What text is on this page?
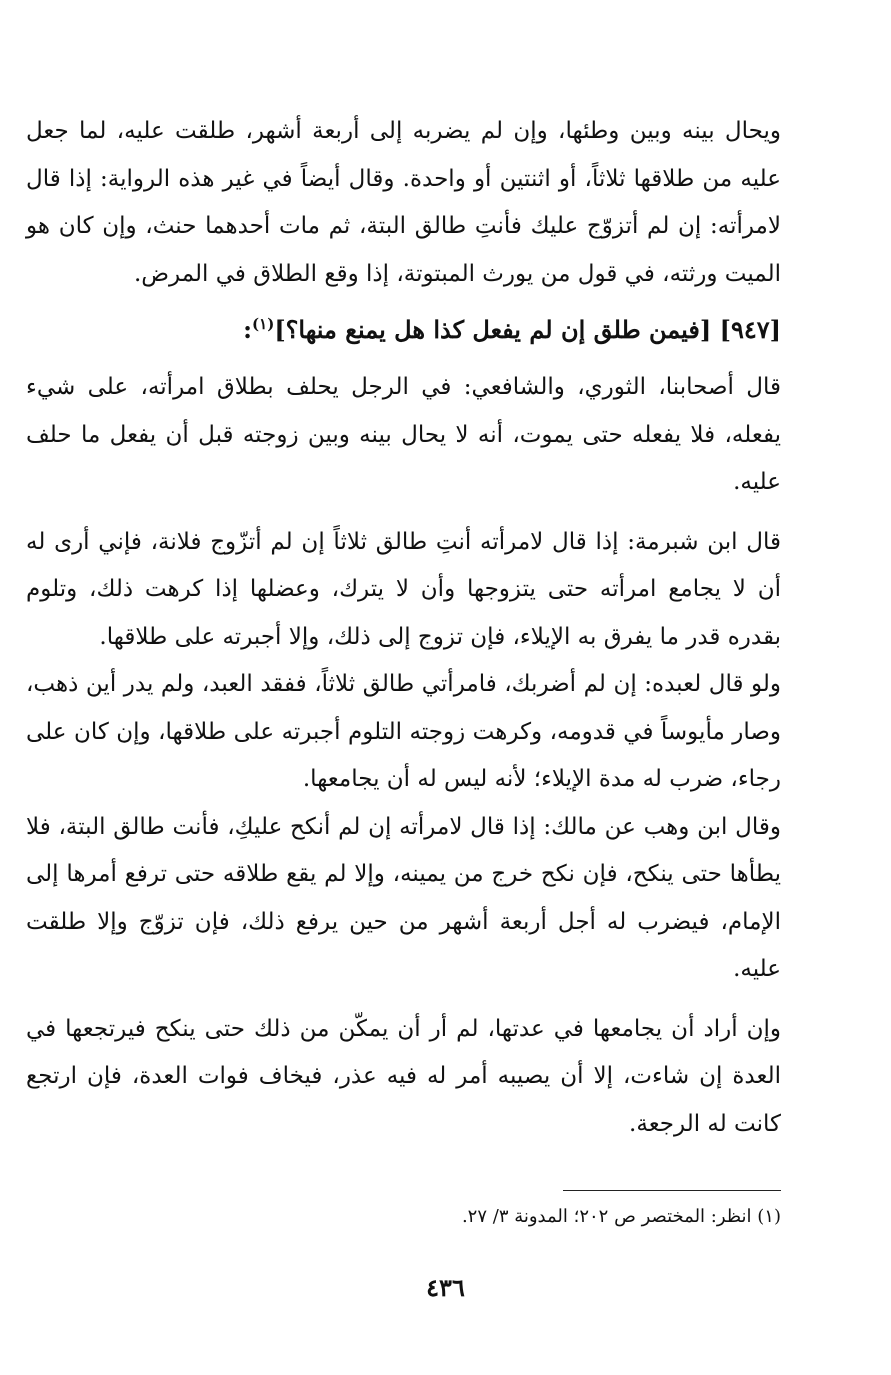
ويحال بينه وبين وطئها، وإن لم يضربه إلى أربعة أشهر، طلقت عليه، لما جعل عليه من طلاقها ثلاثاً، أو اثنتين أو واحدة. وقال أيضاً في غير هذه الرواية: إذا قال لامرأته: إن لم أتزوّج عليك فأنتِ طالق البتة، ثم مات أحدهما حنث، وإن كان هو الميت ورثته، في قول من يورث المبتوتة، إذا وقع الطلاق في المرض.

[٩٤٧] [فيمن طلق إن لم يفعل كذا هل يمنع منها؟]$^{(١)}$:

قال أصحابنا، الثوري، والشافعي: في الرجل يحلف بطلاق امرأته، على شيء يفعله، فلا يفعله حتى يموت، أنه لا يحال بينه وبين زوجته قبل أن يفعل ما حلف عليه.

قال ابن شبرمة: إذا قال لامرأته أنتِ طالق ثلاثاً إن لم أتزّوج فلانة، فإني أرى له أن لا يجامع امرأته حتى يتزوجها وأن لا يترك، وعضلها إذا كرهت ذلك، وتلوم بقدره قدر ما يفرق به الإيلاء، فإن تزوج إلى ذلك، وإلا أجبرته على طلاقها.

ولو قال لعبده: إن لم أضربك، فامرأتي طالق ثلاثاً، ففقد العبد، ولم يدر أين ذهب، وصار مأيوساً في قدومه، وكرهت زوجته التلوم أجبرته على طلاقها، وإن كان على رجاء، ضرب له مدة الإيلاء؛ لأنه ليس له أن يجامعها.

وقال ابن وهب عن مالك: إذا قال لامرأته إن لم أنكح عليكِ، فأنت طالق البتة، فلا يطأها حتى ينكح، فإن نكح خرج من يمينه، وإلا لم يقع طلاقه حتى ترفع أمرها إلى الإمام، فيضرب له أجل أربعة أشهر من حين يرفع ذلك، فإن تزوّج وإلا طلقت عليه.

وإن أراد أن يجامعها في عدتها، لم أر أن يمكّن من ذلك حتى ينكح فيرتجعها في العدة إن شاءت، إلا أن يصيبه أمر له فيه عذر، فيخاف فوات العدة، فإن ارتجع كانت له الرجعة.

(١) انظر: المختصر ص ٢٠٢؛ المدونة ٣/ ٢٧.
٤٣٦
